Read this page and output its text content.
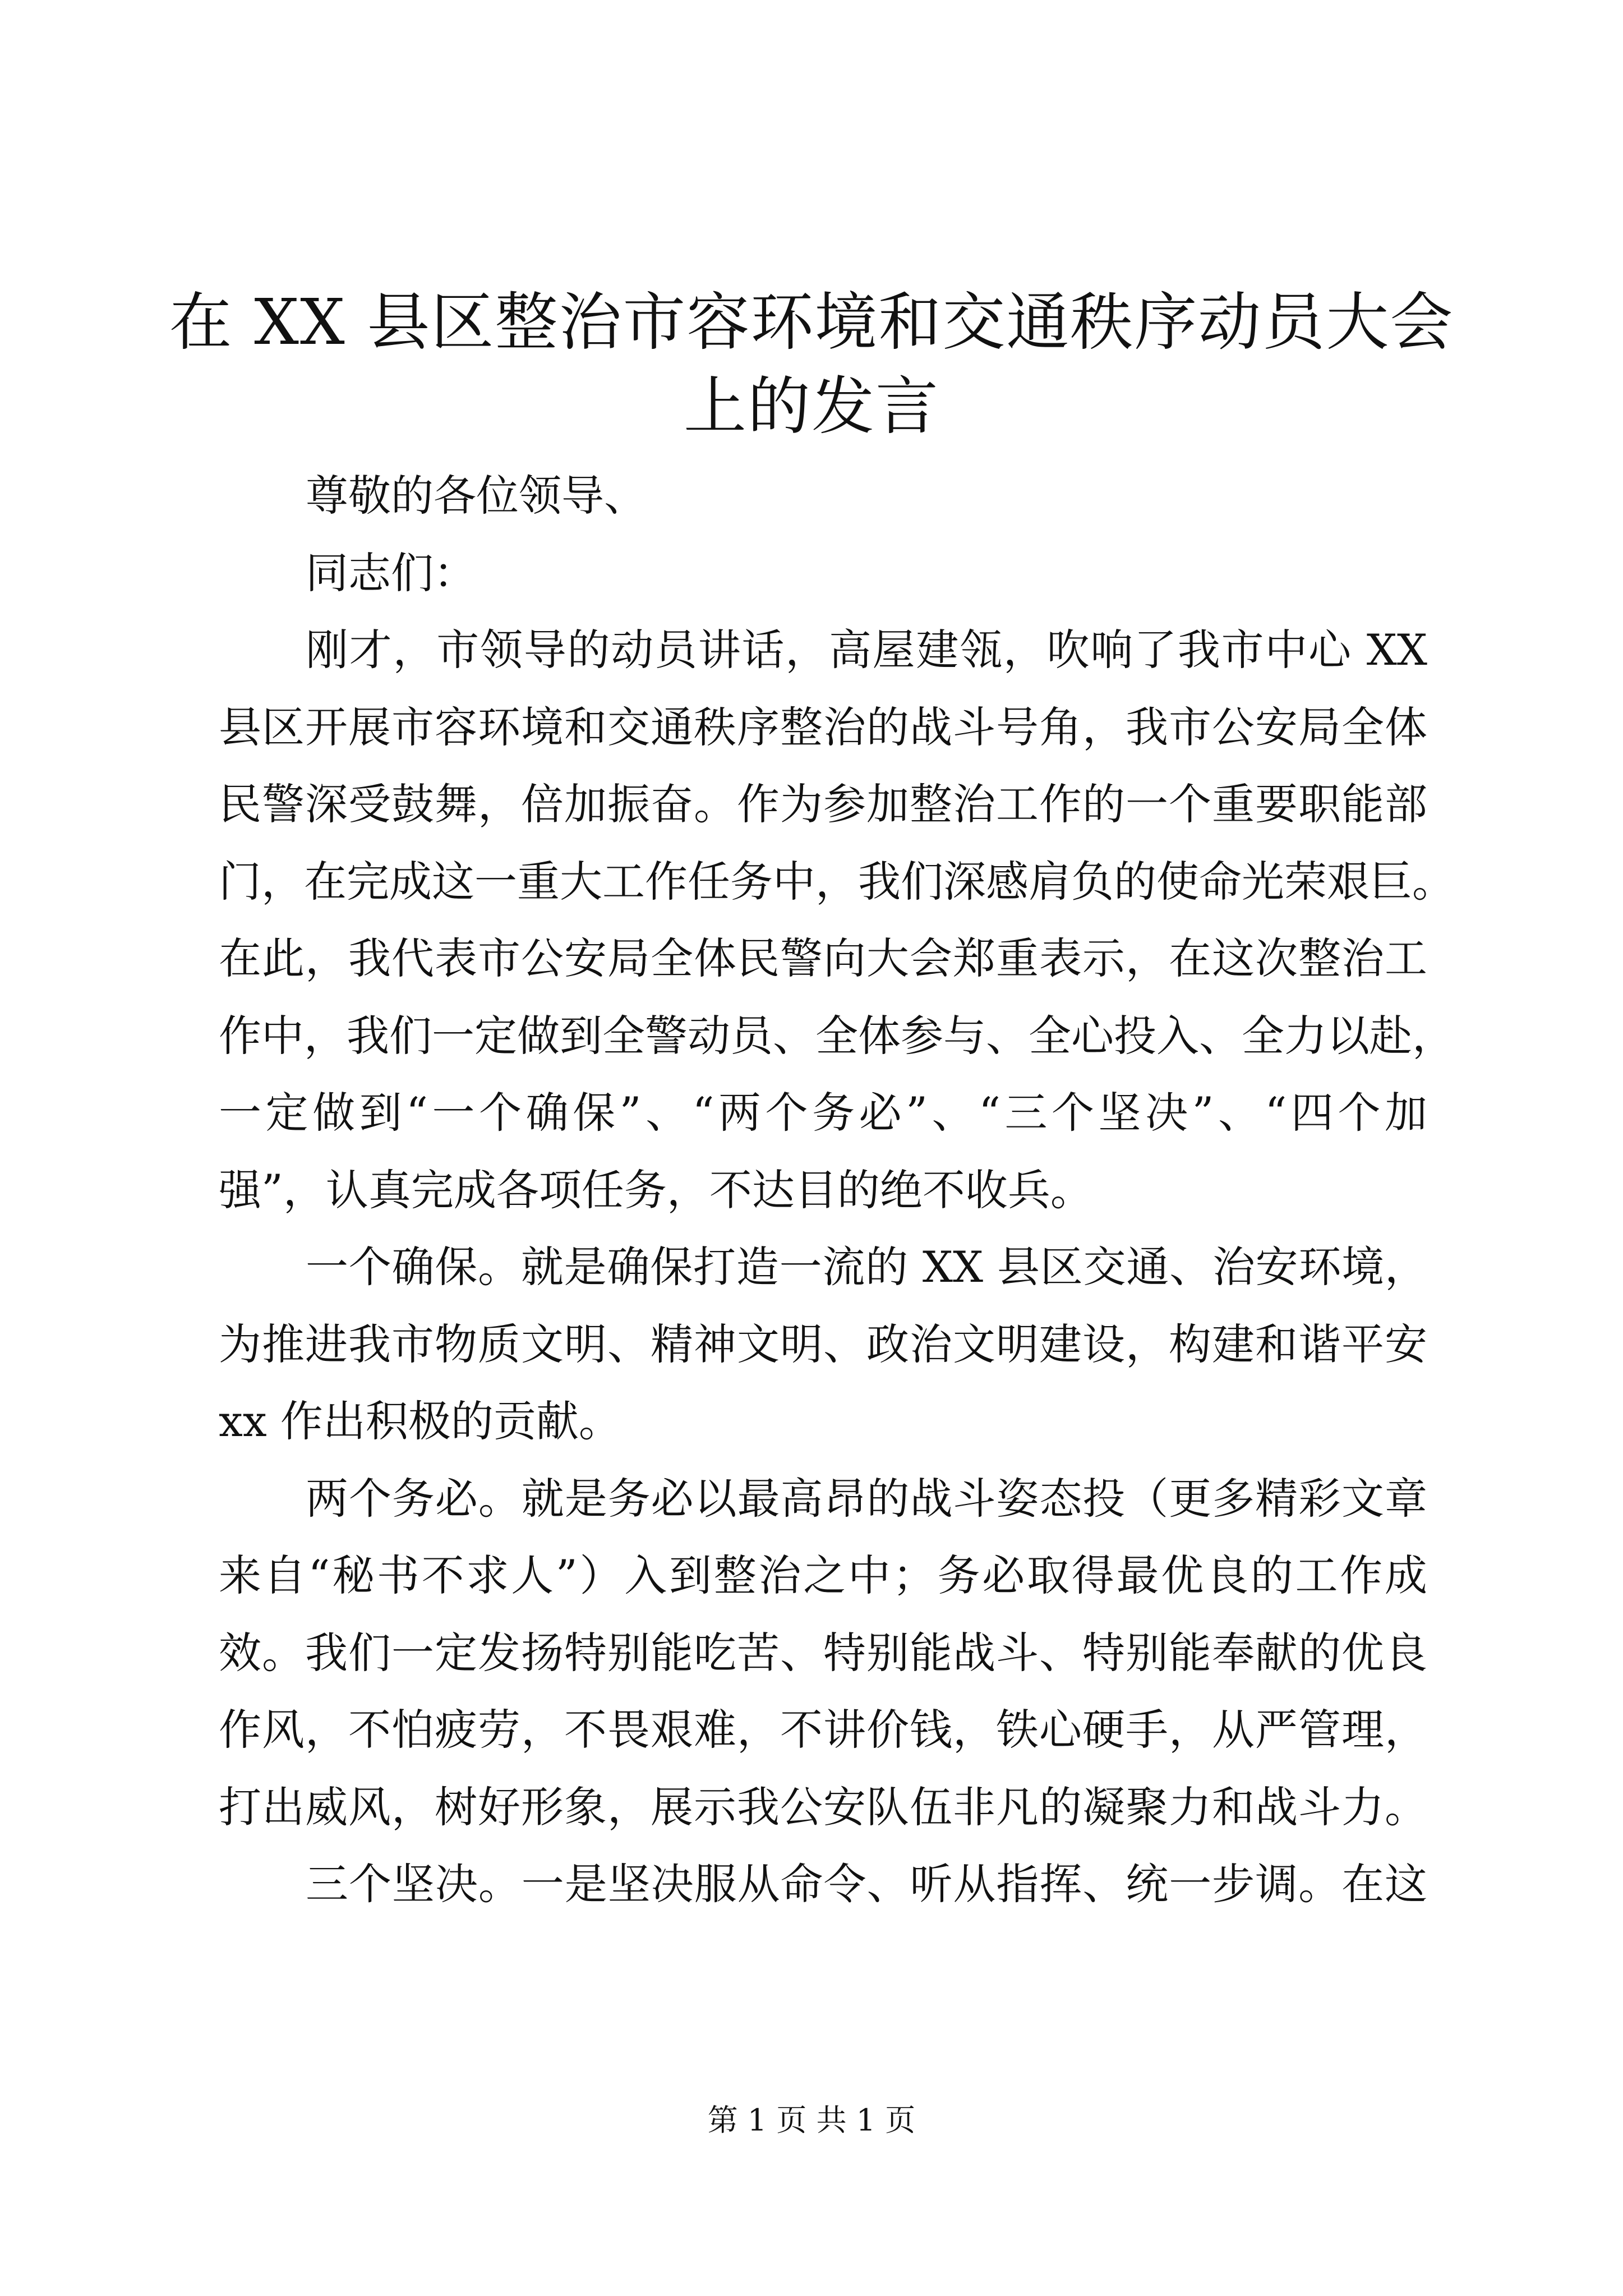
在 XX 县区整治市容环境和交通秩序动员大会
上的发言
尊敬的各位领导、
同志们：
刚才，市领导的动员讲话，高屋建瓴，吹响了我市中心 XX
县区开展市容环境和交通秩序整治的战斗号角，我市公安局全体
民警深受鼓舞，倍加振奋。作为参加整治工作的一个重要职能部
门，在完成这一重大工作任务中，我们深感肩负的使命光荣艰巨。
在此，我代表市公安局全体民警向大会郑重表示，在这次整治工
作中，我们一定做到全警动员、全体参与、全心投入、全力以赴，
一定做到“一个确保”、“两个务必”、“三个坚决”、“四个加
强”，认真完成各项任务，不达目的绝不收兵。
一个确保。就是确保打造一流的 XX 县区交通、治安环境，
为推进我市物质文明、精神文明、政治文明建设，构建和谐平安
xx 作出积极的贡献。
两个务必。就是务必以最高昂的战斗姿态投（更多精彩文章
来自“秘书不求人”）入到整治之中；务必取得最优良的工作成
效。我们一定发扬特别能吃苦、特别能战斗、特别能奉献的优良
作风，不怕疲劳，不畏艰难，不讲价钱，铁心硬手，从严管理，
打出威风，树好形象，展示我公安队伍非凡的凝聚力和战斗力。
三个坚决。一是坚决服从命令、听从指挥、统一步调。在这
第 1 页 共 1 页
